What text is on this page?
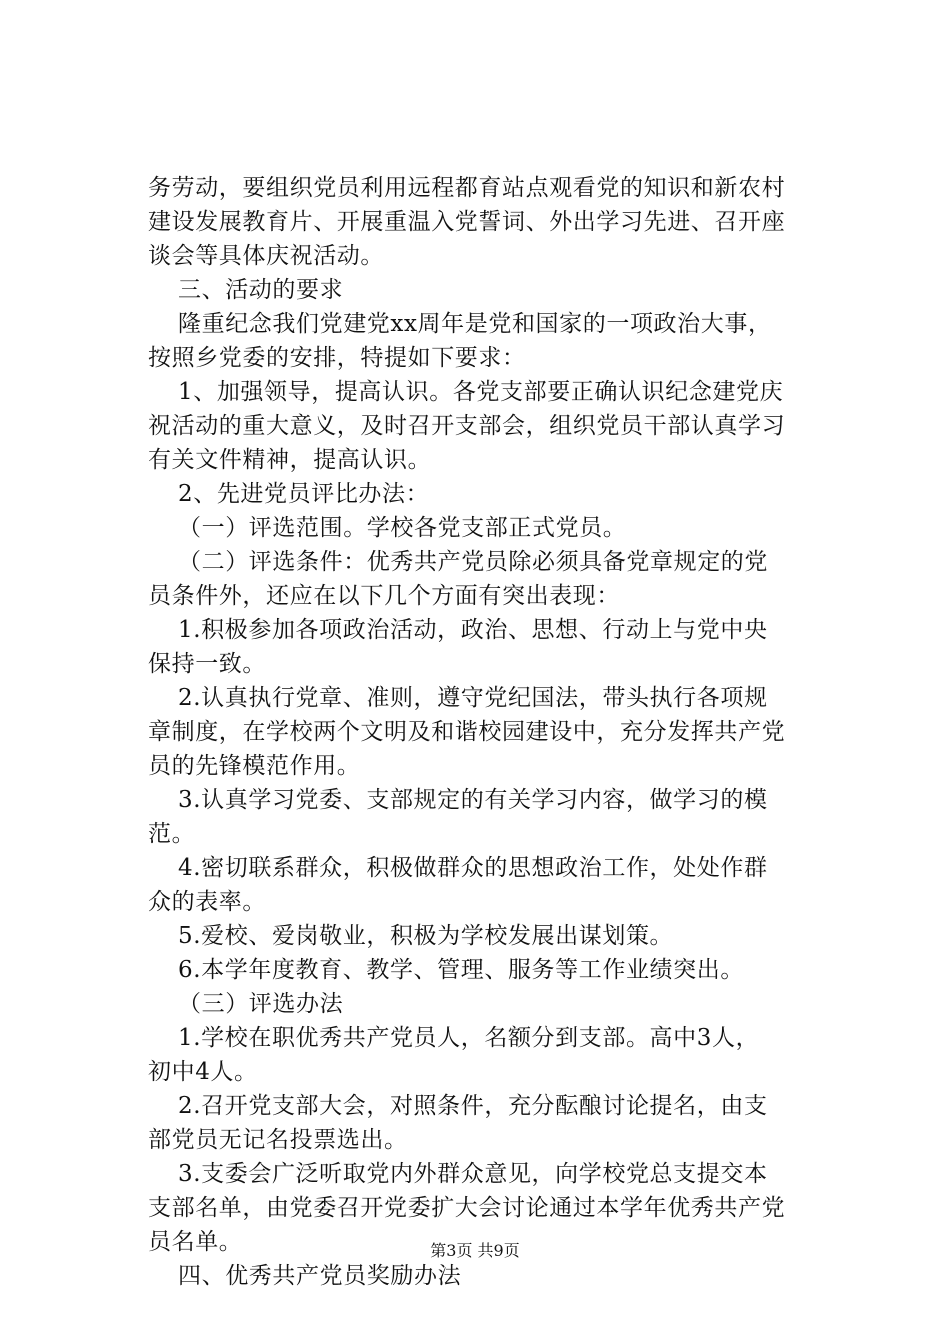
务劳动，要组织党员利用远程都育站点观看党的知识和新农村
建设发展教育片、开展重温入党誓词、外出学习先进、召开座
谈会等具体庆祝活动。
三、活动的要求
隆重纪念我们党建党xx周年是党和国家的一项政治大事，
按照乡党委的安排，特提如下要求：
1、加强领导，提高认识。各党支部要正确认识纪念建党庆
祝活动的重大意义，及时召开支部会，组织党员干部认真学习
有关文件精神，提高认识。
2、先进党员评比办法：
（一）评选范围。学校各党支部正式党员。
（二）评选条件：优秀共产党员除必须具备党章规定的党
员条件外，还应在以下几个方面有突出表现：
1.积极参加各项政治活动，政治、思想、行动上与党中央
保持一致。
2.认真执行党章、准则，遵守党纪国法，带头执行各项规
章制度，在学校两个文明及和谐校园建设中，充分发挥共产党
员的先锋模范作用。
3.认真学习党委、支部规定的有关学习内容，做学习的模
范。
4.密切联系群众，积极做群众的思想政治工作，处处作群
众的表率。
5.爱校、爱岗敬业，积极为学校发展出谋划策。
6.本学年度教育、教学、管理、服务等工作业绩突出。
（三）评选办法
1.学校在职优秀共产党员人，名额分到支部。高中3人，
初中4人。
2.召开党支部大会，对照条件，充分酝酿讨论提名，由支
部党员无记名投票选出。
3.支委会广泛听取党内外群众意见，向学校党总支提交本
支部名单，由党委召开党委扩大会讨论通过本学年优秀共产党
员名单。
四、优秀共产党员奖励办法
第3页 共9页
